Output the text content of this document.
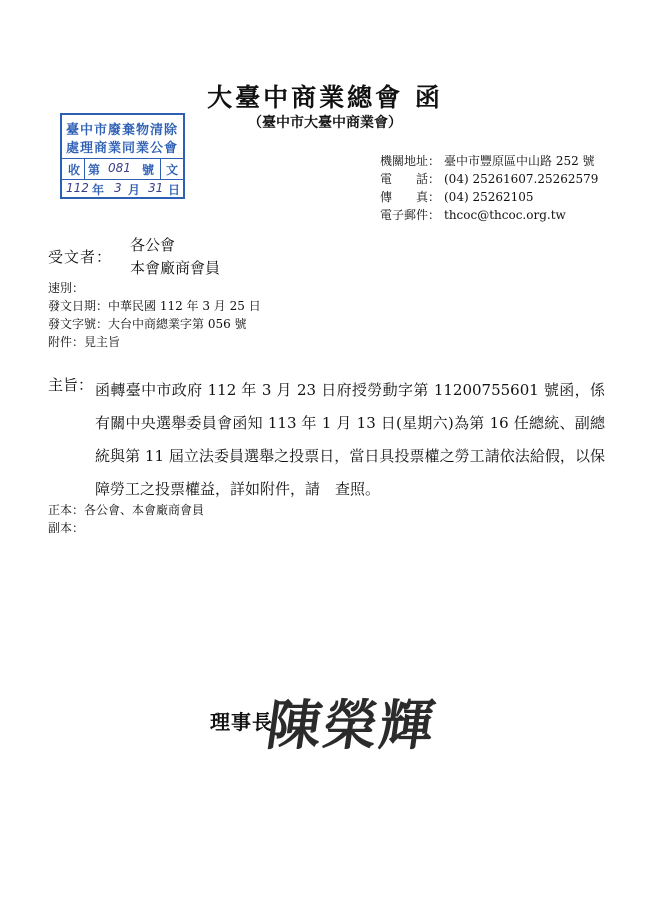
大臺中商業總會 函
（臺中市大臺中商業會）
臺中市廢棄物清除
處理商業同業公會
收 第 081 號 文
112 年 3 月 31 日
機關地址： 臺中市豐原區中山路 252 號
電　　話： (04) 25261607.25262579
傳　　真： (04) 25262105
電子郵件： thcoc@thcoc.org.tw
受文者：
各公會
本會廠商會員
速別：
發文日期：中華民國 112 年 3 月 25 日
發文字號：大台中商總業字第 056 號
附件：見主旨
主旨： 函轉臺中市政府 112 年 3 月 23 日府授勞動字第 11200755601 號函，係有關中央選舉委員會函知 113 年 1 月 13 日(星期六)為第 16 任總統、副總統與第 11 屆立法委員選舉之投票日，當日具投票權之勞工請依法給假，以保障勞工之投票權益，詳如附件，請　查照。
正本：各公會、本會廠商會員
副本：
理事長
陳榮輝
